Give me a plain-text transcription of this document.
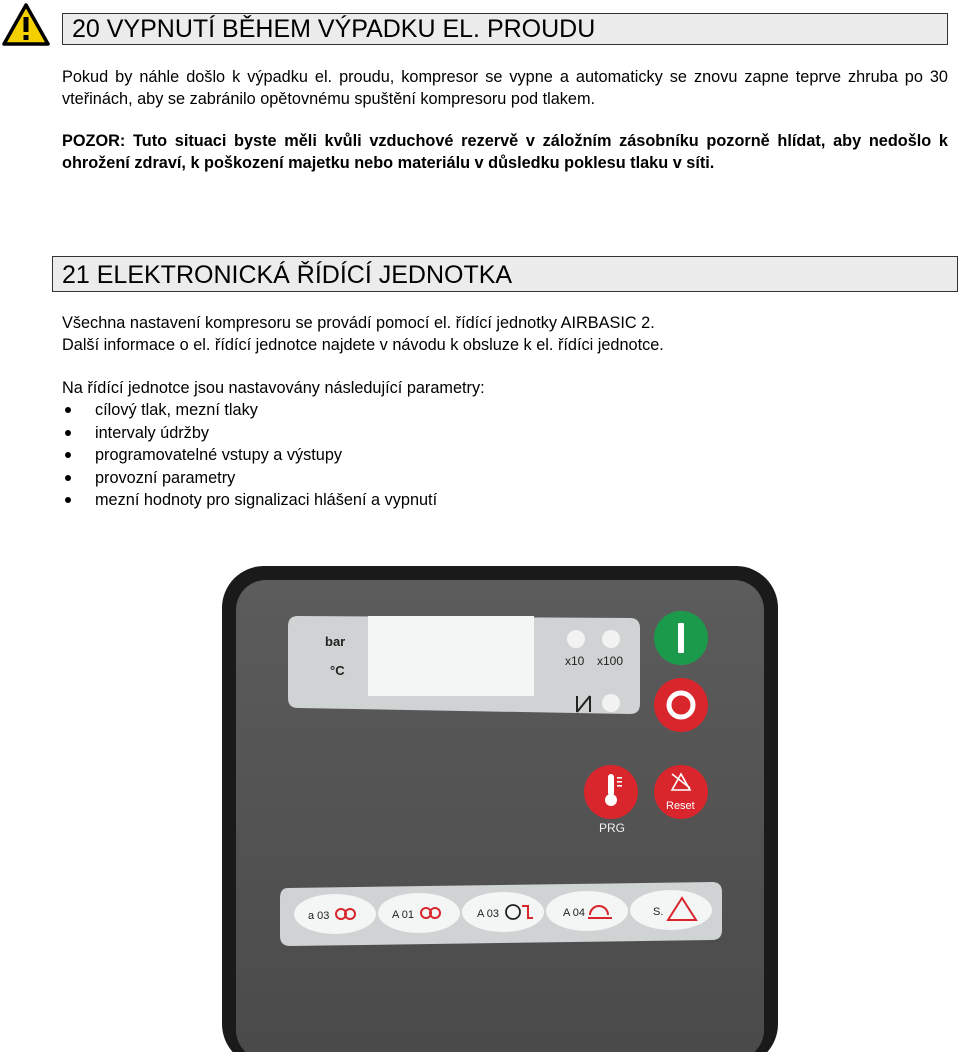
20 VYPNUTÍ BĚHEM VÝPADKU EL. PROUDU
Pokud by náhle došlo k výpadku el. proudu, kompresor se vypne a automaticky se znovu zapne teprve zhruba po 30 vteřinách, aby se zabránilo opětovnému spuštění kompresoru pod tlakem.
POZOR: Tuto situaci byste měli kvůli vzduchové rezervě v záložním zásobníku pozorně hlídat, aby nedošlo k ohrožení zdraví, k poškození majetku nebo materiálu v důsledku poklesu tlaku v síti.
21 ELEKTRONICKÁ ŘÍDÍCÍ JEDNOTKA
Všechna nastavení kompresoru se provádí pomocí el. řídící jednotky AIRBASIC 2.
Další informace o el. řídící jednotce najdete v návodu k obsluze k el. řídíci jednotce.
Na řídící jednotce jsou nastavovány následující parametry:
cílový tlak, mezní tlaky
intervaly údržby
programovatelné vstupy a výstupy
provozní parametry
mezní hodnoty pro signalizaci hlášení a vypnutí
bar
°C
x10 x100
PRG
Reset
a 03	A 01	A 03	A 04	S.
